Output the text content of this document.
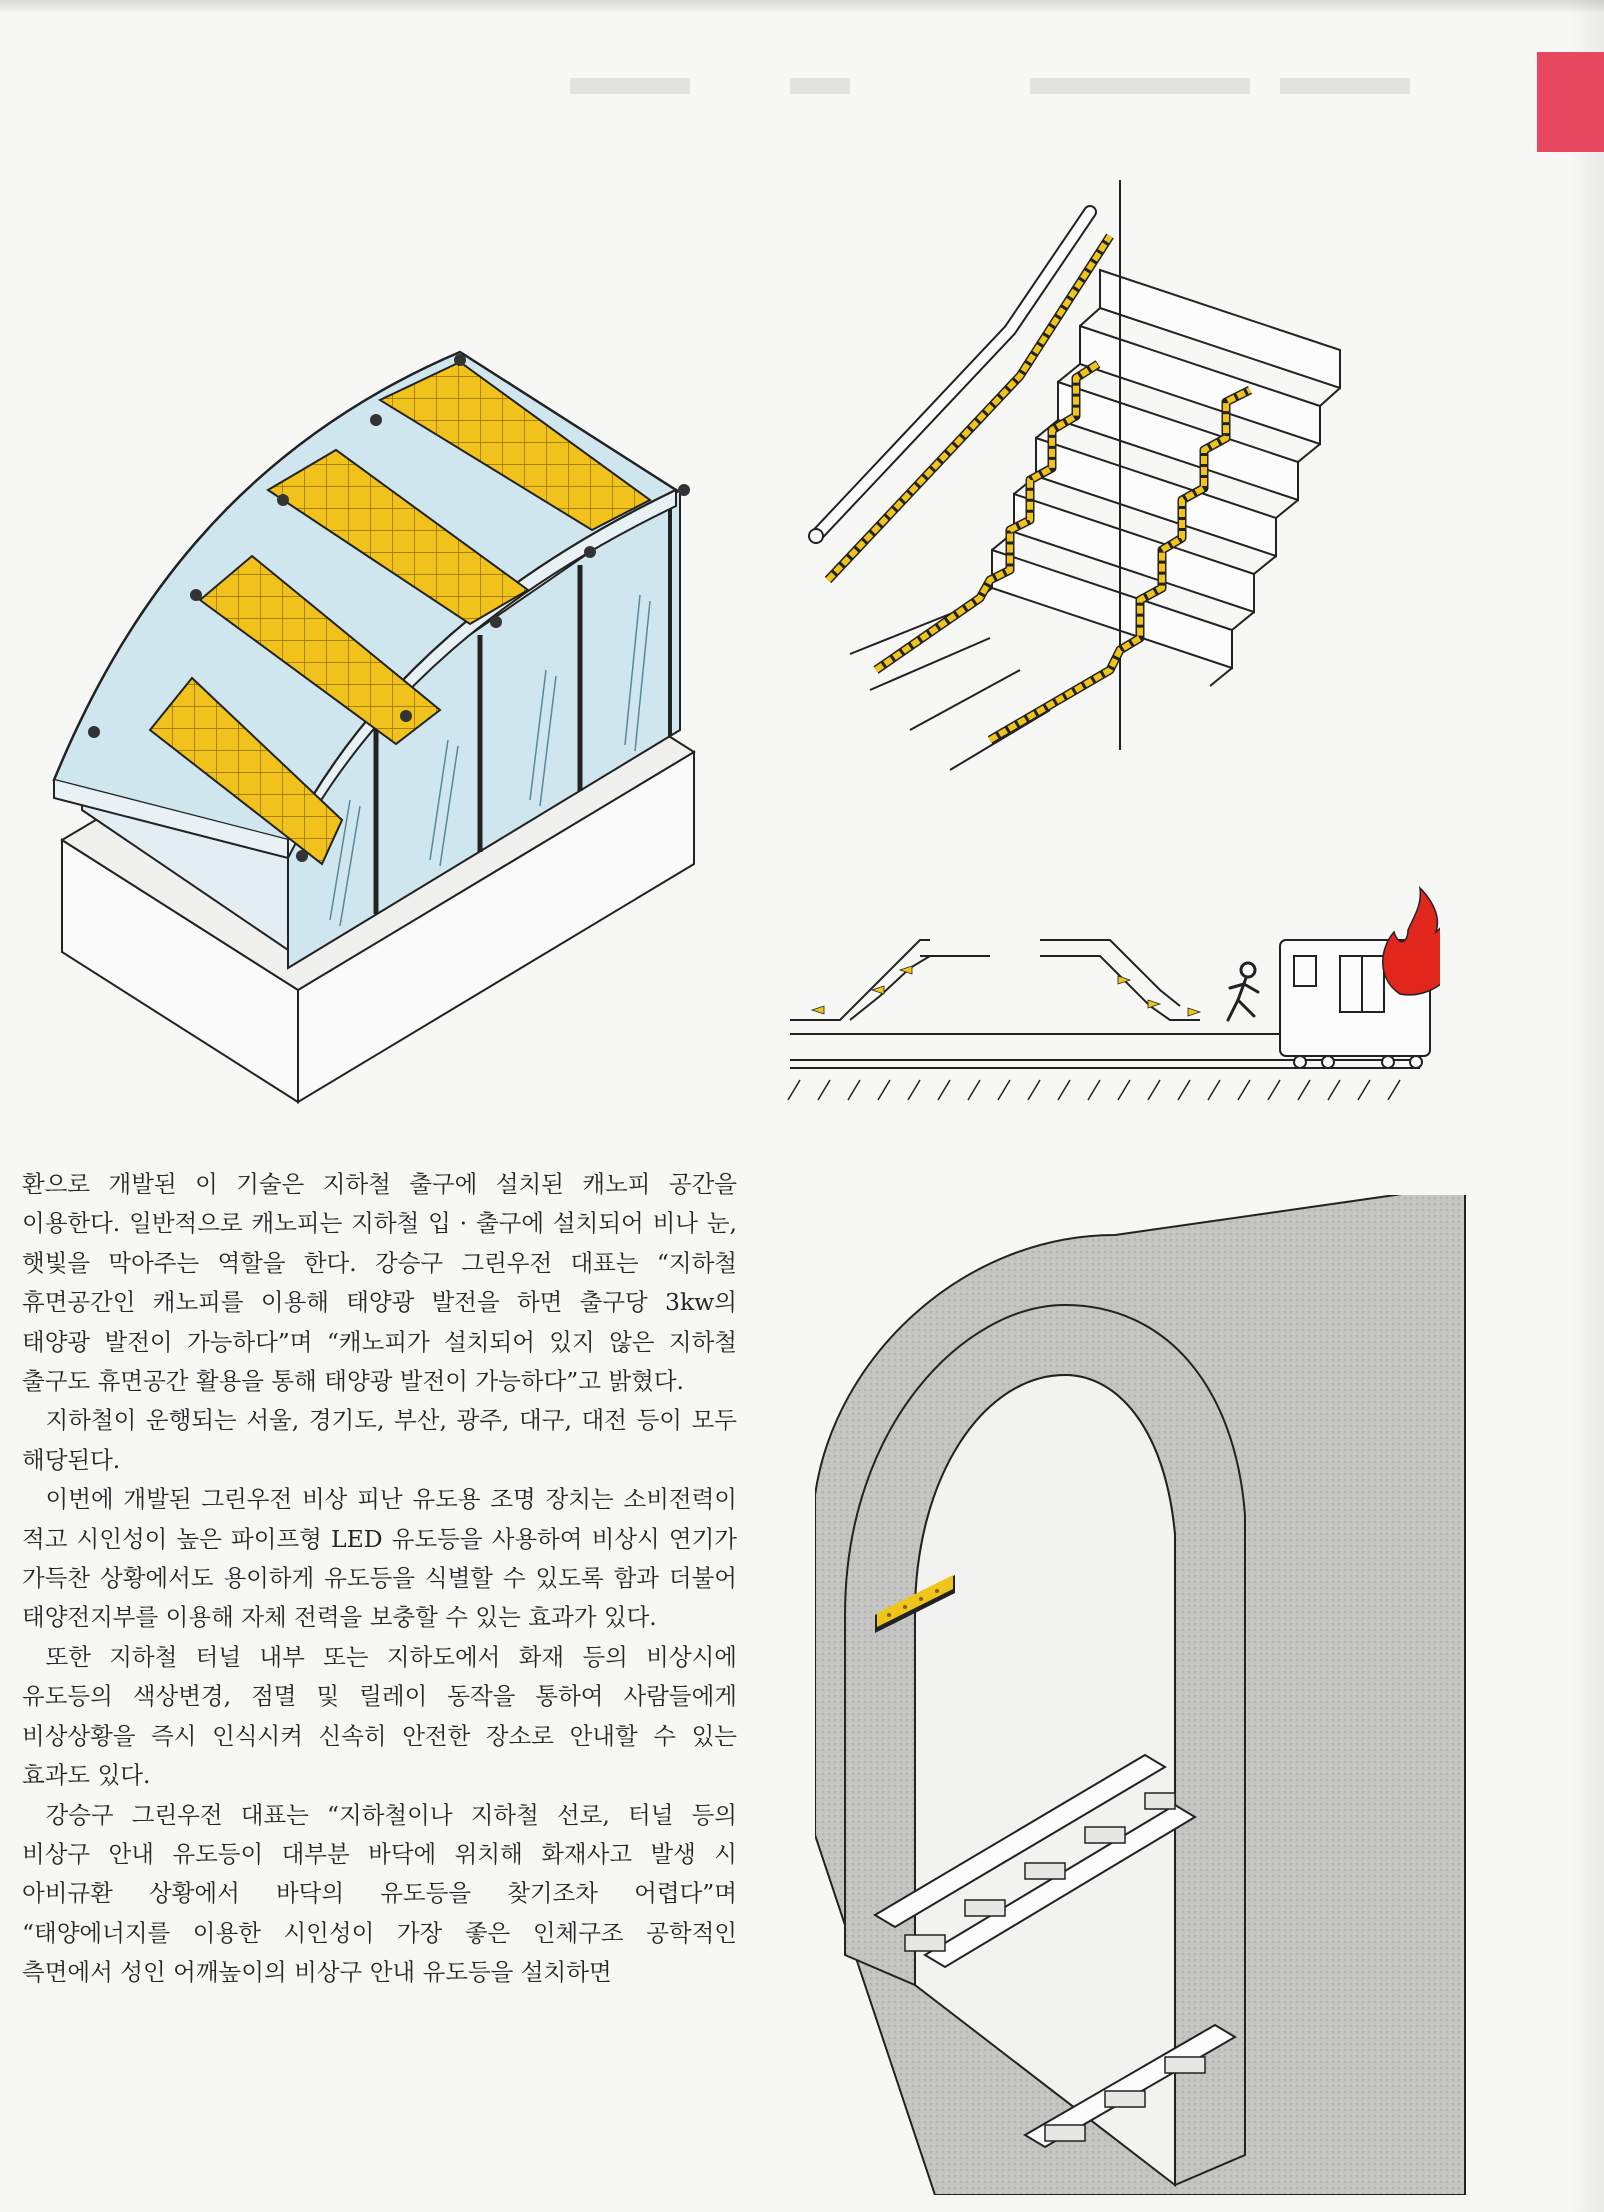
환으로 개발된 이 기술은 지하철 출구에 설치된 캐노피 공간을 이용한다. 일반적으로 캐노피는 지하철 입 · 출구에 설치되어 비나 눈, 햇빛을 막아주는 역할을 한다. 강승구 그린우전 대표는 “지하철 휴면공간인 캐노피를 이용해 태양광 발전을 하면 출구당 3kw의 태양광 발전이 가능하다”며 “캐노피가 설치되어 있지 않은 지하철 출구도 휴면공간 활용을 통해 태양광 발전이 가능하다”고 밝혔다.

지하철이 운행되는 서울, 경기도, 부산, 광주, 대구, 대전 등이 모두 해당된다.

이번에 개발된 그린우전 비상 피난 유도용 조명 장치는 소비전력이 적고 시인성이 높은 파이프형 LED 유도등을 사용하여 비상시 연기가 가득찬 상황에서도 용이하게 유도등을 식별할 수 있도록 함과 더불어 태양전지부를 이용해 자체 전력을 보충할 수 있는 효과가 있다.

또한 지하철 터널 내부 또는 지하도에서 화재 등의 비상시에 유도등의 색상변경, 점멸 및 릴레이 동작을 통하여 사람들에게 비상상황을 즉시 인식시켜 신속히 안전한 장소로 안내할 수 있는 효과도 있다.

강승구 그린우전 대표는 “지하철이나 지하철 선로, 터널 등의 비상구 안내 유도등이 대부분 바닥에 위치해 화재사고 발생 시 아비규환 상황에서 바닥의 유도등을 찾기조차 어렵다”며 “태양에너지를 이용한 시인성이 가장 좋은 인체구조 공학적인 측면에서 성인 어깨높이의 비상구 안내 유도등을 설치하면
